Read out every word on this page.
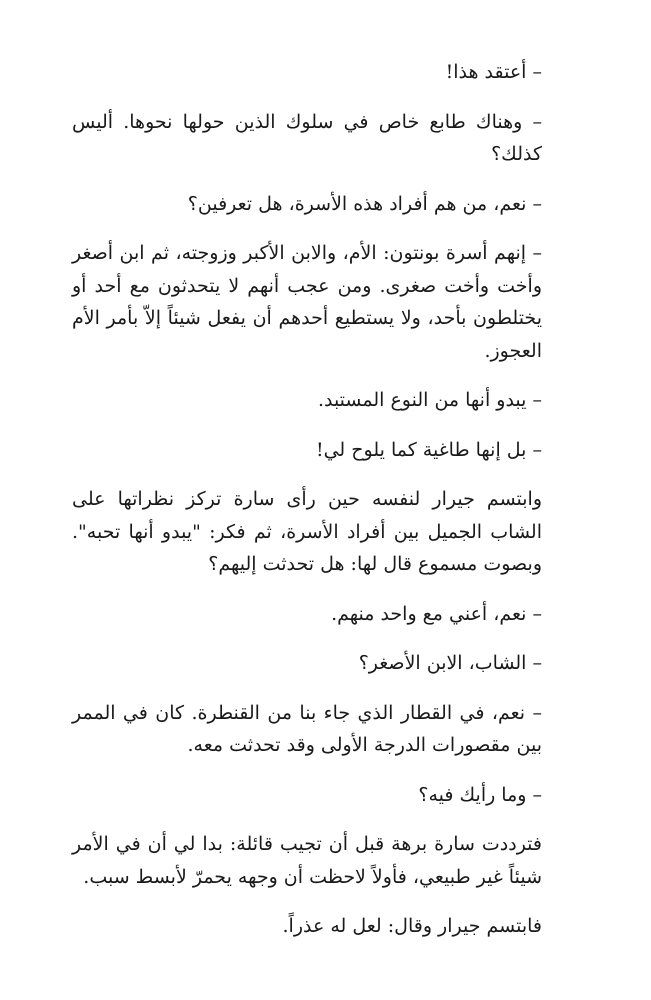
– أعتقد هذا!

– وهناك طابع خاص في سلوك الذين حولها نحوها. أليس كذلك؟

– نعم، من هم أفراد هذه الأسرة، هل تعرفين؟

– إنهم أسرة بونتون: الأم، والابن الأكبر وزوجته، ثم ابن أصغر وأخت وأخت صغرى. ومن عجب أنهم لا يتحدثون مع أحد أو يختلطون بأحد، ولا يستطيع أحدهم أن يفعل شيئاً إلاّ بأمر الأم العجوز.

– يبدو أنها من النوع المستبد.

– بل إنها طاغية كما يلوح لي!

وابتسم جيرار لنفسه حين رأى سارة تركز نظراتها على الشاب الجميل بين أفراد الأسرة، ثم فكر: "يبدو أنها تحبه". وبصوت مسموع قال لها: هل تحدثت إليهم؟

– نعم، أعني مع واحد منهم.

– الشاب، الابن الأصغر؟

– نعم، في القطار الذي جاء بنا من القنطرة. كان في الممر بين مقصورات الدرجة الأولى وقد تحدثت معه.

– وما رأيك فيه؟

فترددت سارة برهة قبل أن تجيب قائلة: بدا لي أن في الأمر شيئاً غير طبيعي، فأولاً لاحظت أن وجهه يحمرّ لأبسط سبب.

فابتسم جيرار وقال: لعل له عذراً.
